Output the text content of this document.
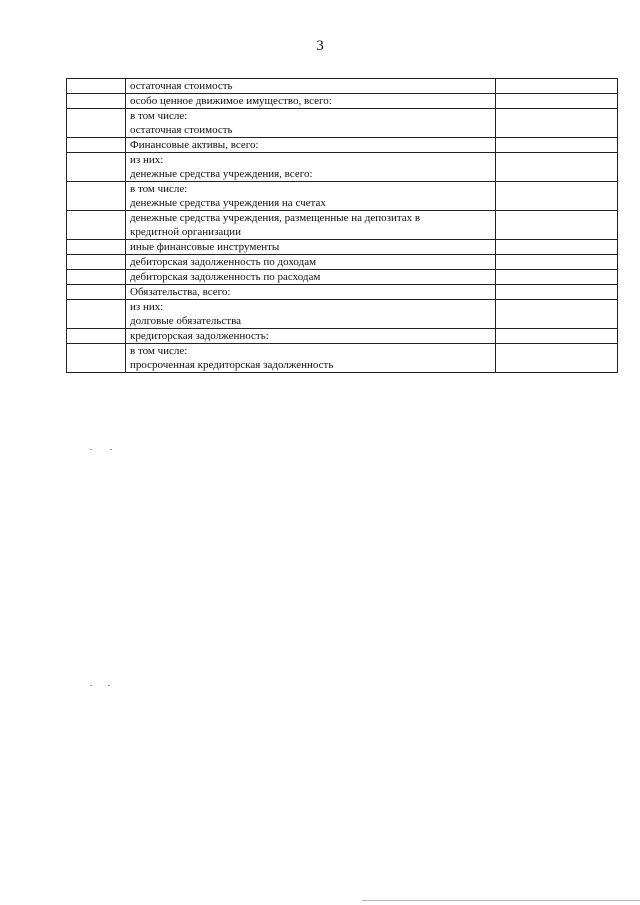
3

	остаточная стоимость	

	особо ценное движимое имущество, всего:	

	в том числе:
остаточная стоимость	

	Финансовые активы, всего:	

	из них:
денежные средства учреждения, всего:	

	в том числе:
денежные средства учреждения на счетах	

	денежные средства учреждения, размещенные на депозитах в
кредитной организации	

	иные финансовые инструменты	

	дебиторская задолженность по доходам	

	дебиторская задолженность по расходам	

	Обязательства, всего:	

	из них:
долговые обязательства	

	кредиторская задолженность:	

	в том числе:
просроченная кредиторская задолженность	
